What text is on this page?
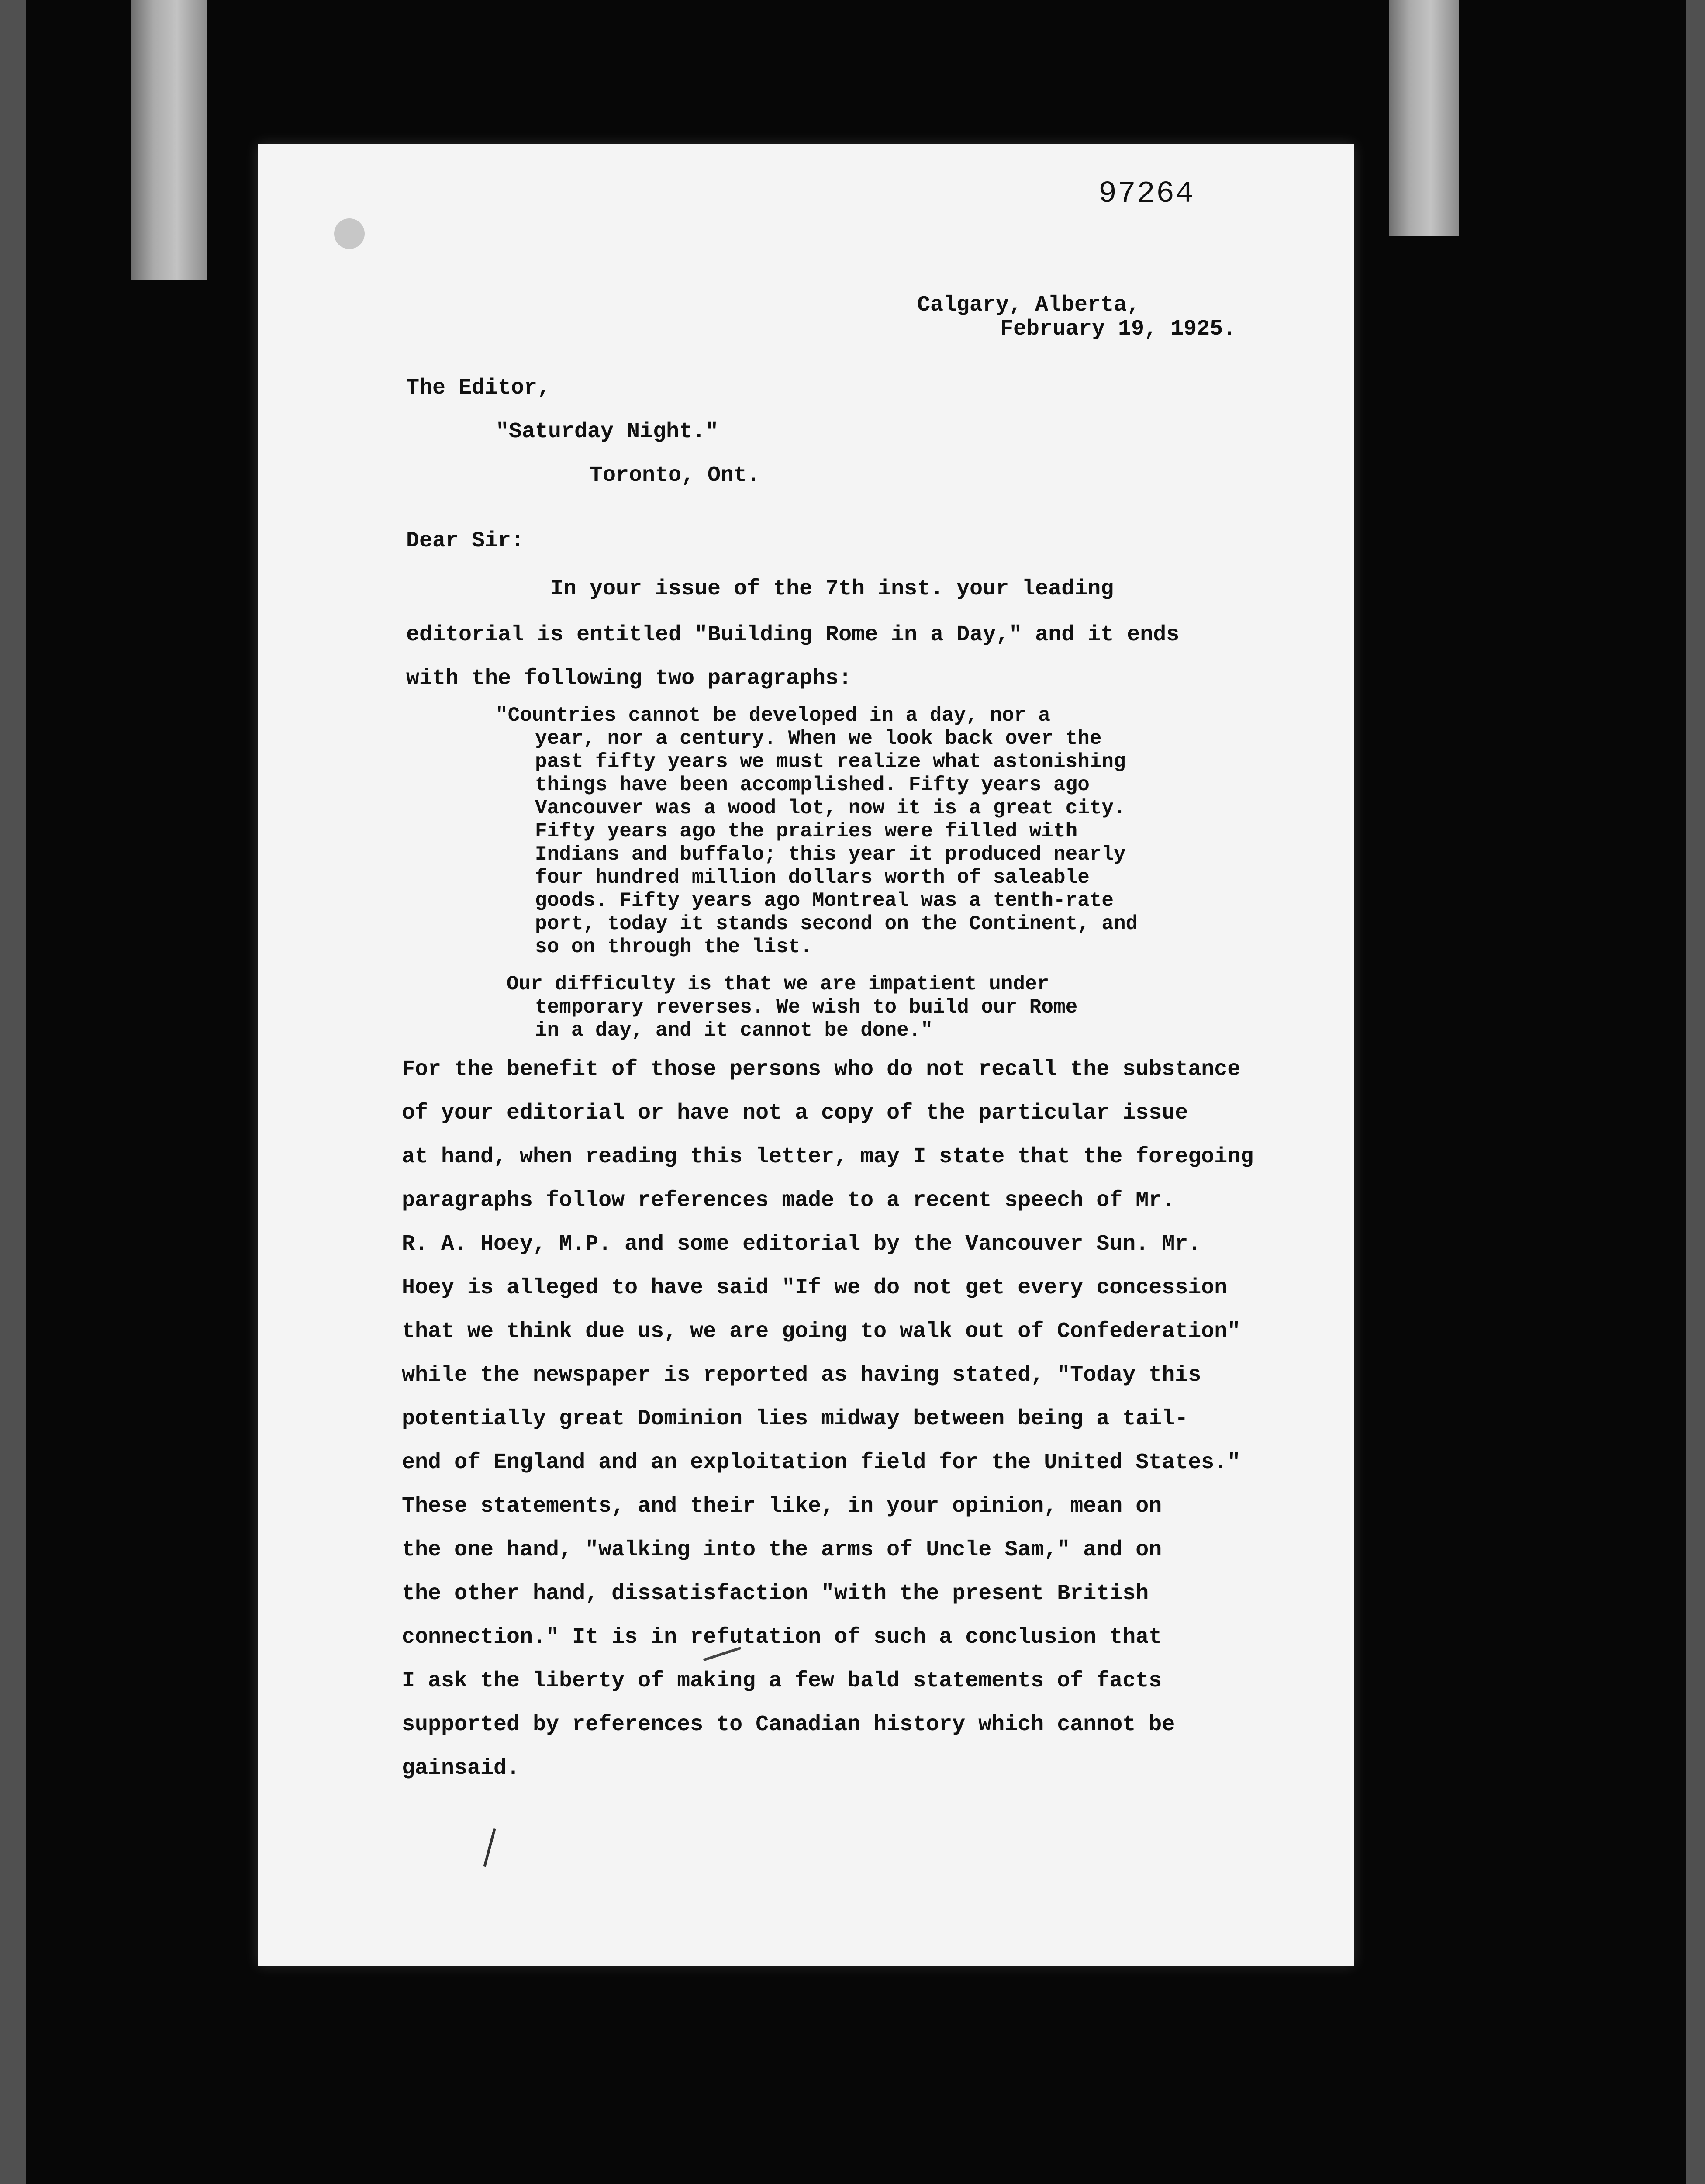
97264
Calgary, Alberta,
February 19, 1925.
The Editor,
"Saturday Night."
Toronto, Ont.
Dear Sir:
In your issue of the 7th inst. your leading
editorial is entitled "Building Rome in a Day," and it ends
with the following two paragraphs:
"Countries cannot be developed in a day, nor a
year, nor a century. When we look back over the
past fifty years we must realize what astonishing
things have been accomplished. Fifty years ago
Vancouver was a wood lot, now it is a great city.
Fifty years ago the prairies were filled with
Indians and buffalo; this year it produced nearly
four hundred million dollars worth of saleable
goods. Fifty years ago Montreal was a tenth-rate
port, today it stands second on the Continent, and
so on through the list.
Our difficulty is that we are impatient under
temporary reverses. We wish to build our Rome
in a day, and it cannot be done."
For the benefit of those persons who do not recall the substance
of your editorial or have not a copy of the particular issue
at hand, when reading this letter, may I state that the foregoing
paragraphs follow references made to a recent speech of Mr.
R. A. Hoey, M.P. and some editorial by the Vancouver Sun. Mr.
Hoey is alleged to have said "If we do not get every concession
that we think due us, we are going to walk out of Confederation"
while the newspaper is reported as having stated, "Today this
potentially great Dominion lies midway between being a tail-
end of England and an exploitation field for the United States."
These statements, and their like, in your opinion, mean on
the one hand, "walking into the arms of Uncle Sam," and on
the other hand, dissatisfaction "with the present British
connection." It is in refutation of such a conclusion that
I ask the liberty of making a few bald statements of facts
supported by references to Canadian history which cannot be
gainsaid.
